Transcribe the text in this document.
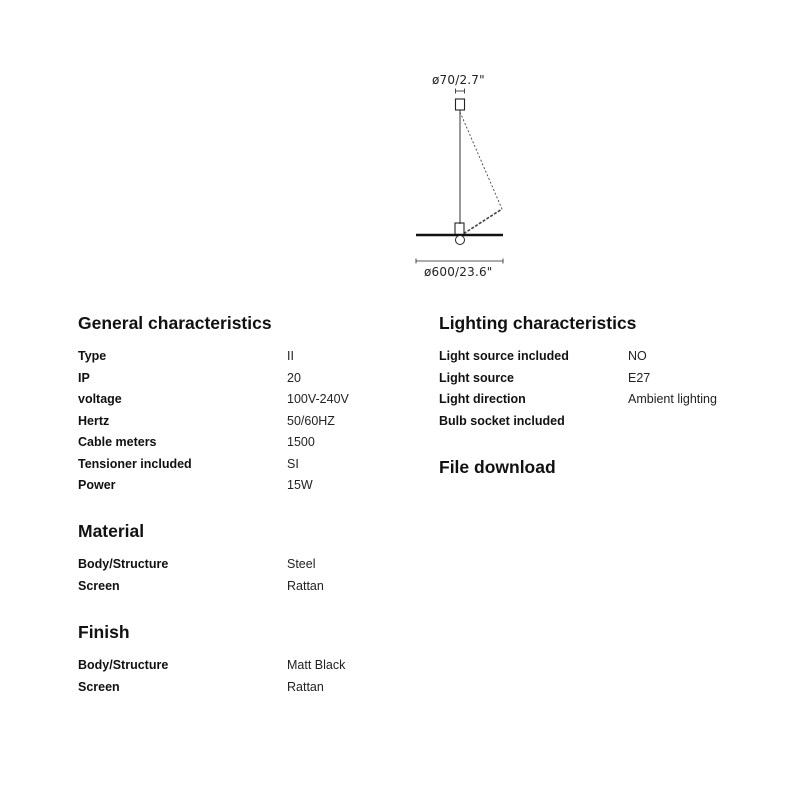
ø70/2.7"
ø600/23.6"
General characteristics
Type	II
IP	20
voltage	100V-240V
Hertz	50/60HZ
Cable meters	1500
Tensioner included	SI
Power	15W
Material
Body/Structure	Steel
Screen	Rattan
Finish
Body/Structure	Matt Black
Screen	Rattan
Lighting characteristics
Light source included	NO
Light source	E27
Light direction	Ambient lighting
Bulb socket included
File download
